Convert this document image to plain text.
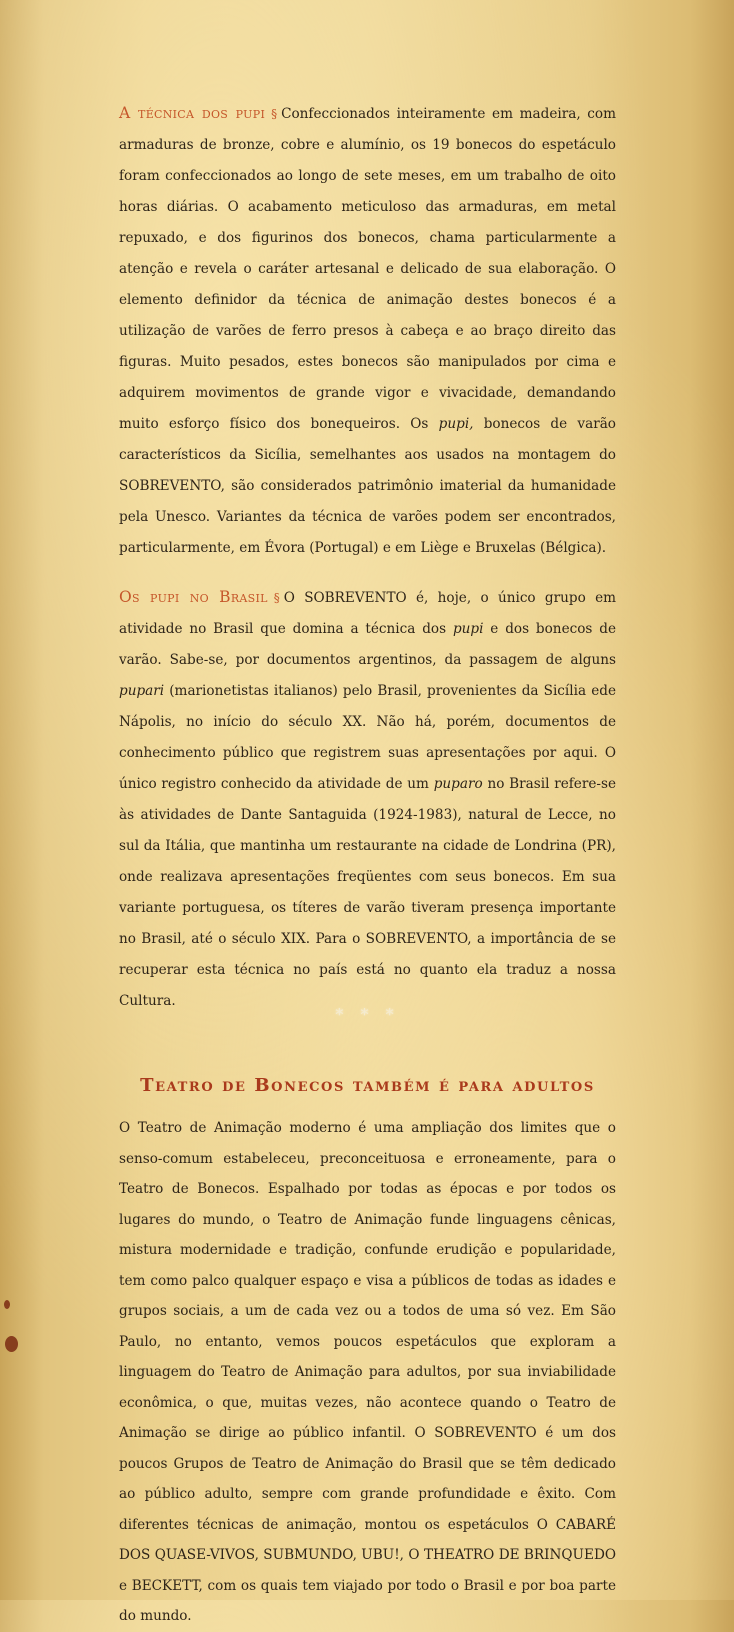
A técnica dos pupi § Confeccionados inteiramente em madeira, com armaduras de bronze, cobre e alumínio, os 19 bonecos do espetáculo foram confeccionados ao longo de sete meses, em um trabalho de oito horas diárias. O acabamento meticuloso das armaduras, em metal repuxado, e dos figurinos dos bonecos, chama particularmente a atenção e revela o caráter artesanal e delicado de sua elaboração. O elemento definidor da técnica de animação destes bonecos é a utilização de varões de ferro presos à cabeça e ao braço direito das figuras. Muito pesados, estes bonecos são manipulados por cima e adquirem movimentos de grande vigor e vivacidade, demandando muito esforço físico dos bonequeiros. Os pupi, bonecos de varão característicos da Sicília, semelhantes aos usados na montagem do SOBREVENTO, são considerados patrimônio imaterial da humanidade pela Unesco. Variantes da técnica de varões podem ser encontrados, particularmente, em Évora (Portugal) e em Liège e Bruxelas (Bélgica).

Os pupi no Brasil § O SOBREVENTO é, hoje, o único grupo em atividade no Brasil que domina a técnica dos pupi e dos bonecos de varão. Sabe-se, por documentos argentinos, da passagem de alguns pupari (marionetistas italianos) pelo Brasil, provenientes da Sicília ede Nápolis, no início do século XX. Não há, porém, documentos de conhecimento público que registrem suas apresentações por aqui. O único registro conhecido da atividade de um puparo no Brasil refere-se às atividades de Dante Santaguida (1924-1983), natural de Lecce, no sul da Itália, que mantinha um restaurante na cidade de Londrina (PR), onde realizava apresentações freqüentes com seus bonecos. Em sua variante portuguesa, os títeres de varão tiveram presença importante no Brasil, até o século XIX. Para o SOBREVENTO, a importância de se recuperar esta técnica no país está no quanto ela traduz a nossa Cultura.

* * *
Teatro de Bonecos também é para adultos

O Teatro de Animação moderno é uma ampliação dos limites que o senso-comum estabeleceu, preconceituosa e erroneamente, para o Teatro de Bonecos. Espalhado por todas as épocas e por todos os lugares do mundo, o Teatro de Animação funde linguagens cênicas, mistura modernidade e tradição, confunde erudição e popularidade, tem como palco qualquer espaço e visa a públicos de todas as idades e grupos sociais, a um de cada vez ou a todos de uma só vez. Em São Paulo, no entanto, vemos poucos espetáculos que exploram a linguagem do Teatro de Animação para adultos, por sua inviabilidade econômica, o que, muitas vezes, não acontece quando o Teatro de Animação se dirige ao público infantil. O SOBREVENTO é um dos poucos Grupos de Teatro de Animação do Brasil que se têm dedicado ao público adulto, sempre com grande profundidade e êxito. Com diferentes técnicas de animação, montou os espetáculos O CABARÉ DOS QUASE-VIVOS, SUBMUNDO, UBU!, O THEATRO DE BRINQUEDO e BECKETT, com os quais tem viajado por todo o Brasil e por boa parte do mundo.
